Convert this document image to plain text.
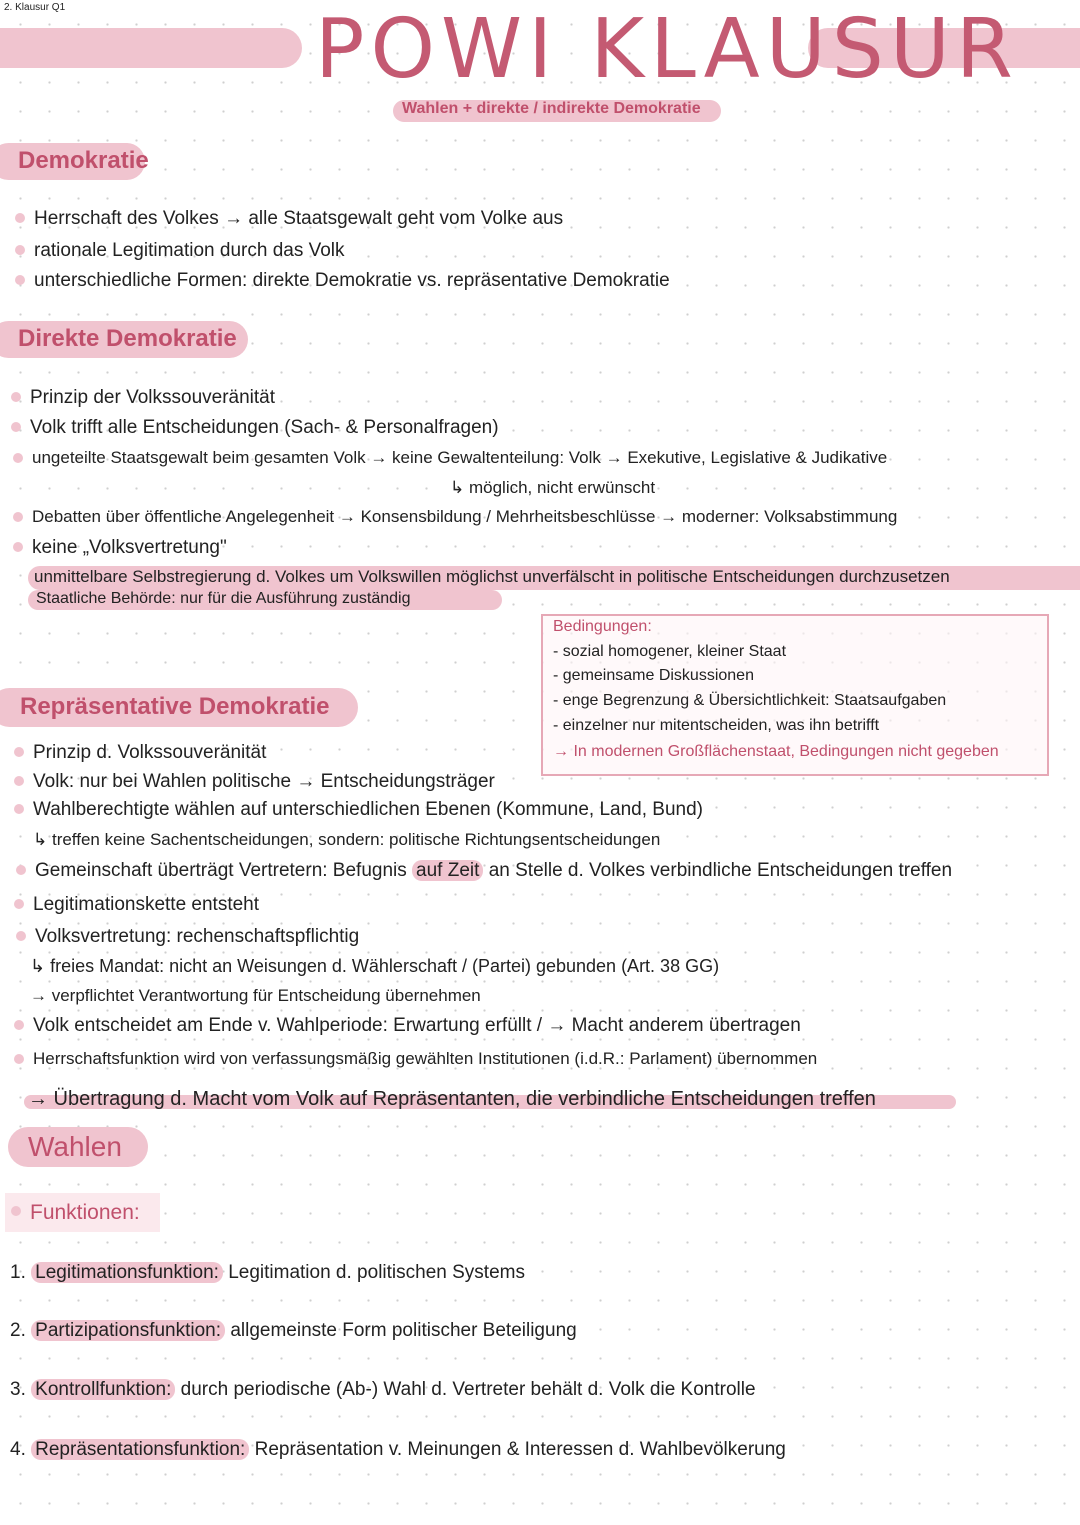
2. Klausur Q1	POWI KLAUSUR
Wahlen + direkte / indirekte Demokratie
Demokratie
Herrschaft des Volkes → alle Staatsgewalt geht vom Volke aus
rationale Legitimation durch das Volk
unterschiedliche Formen: direkte Demokratie vs. repräsentative Demokratie
Direkte Demokratie
Prinzip der Volkssouveränität
Volk trifft alle Entscheidungen (Sach- & Personalfragen)
ungeteilte Staatsgewalt beim gesamten Volk → keine Gewaltenteilung: Volk → Exekutive, Legislative & Judikative
↳ möglich, nicht erwünscht
Debatten über öffentliche Angelegenheit → Konsensbildung / Mehrheitsbeschlüsse → moderner: Volksabstimmung
keine „Volksvertretung"
unmittelbare Selbstregierung d. Volkes um Volkswillen möglichst unverfälscht in politische Entscheidungen durchzusetzen
Staatliche Behörde: nur für die Ausführung zuständig
Bedingungen:
- sozial homogener, kleiner Staat
- gemeinsame Diskussionen
- enge Begrenzung & Übersichtlichkeit: Staatsaufgaben
- einzelner nur mitentscheiden, was ihn betrifft
→ In modernen Großflächenstaat, Bedingungen nicht gegeben
Repräsentative Demokratie
Prinzip d. Volkssouveränität
Volk: nur bei Wahlen politische → Entscheidungsträger
Wahlberechtigte wählen auf unterschiedlichen Ebenen (Kommune, Land, Bund)
↳ treffen keine Sachentscheidungen, sondern: politische Richtungsentscheidungen
Gemeinschaft überträgt Vertretern: Befugnis auf Zeit an Stelle d. Volkes verbindliche Entscheidungen treffen
Legitimationskette entsteht
Volksvertretung: rechenschaftspflichtig
↳ freies Mandat: nicht an Weisungen d. Wählerschaft / (Partei) gebunden (Art. 38 GG)
→ verpflichtet Verantwortung für Entscheidung übernehmen
Volk entscheidet am Ende v. Wahlperiode: Erwartung erfüllt / → Macht anderem übertragen
Herrschaftsfunktion wird von verfassungsmäßig gewählten Institutionen (i.d.R.: Parlament) übernommen
→ Übertragung d. Macht vom Volk auf Repräsentanten, die verbindliche Entscheidungen treffen
Wahlen
Funktionen:
1. Legitimationsfunktion: Legitimation d. politischen Systems
2. Partizipationsfunktion: allgemeinste Form politischer Beteiligung
3. Kontrollfunktion: durch periodische (Ab-) Wahl d. Vertreter behält d. Volk die Kontrolle
4. Repräsentationsfunktion: Repräsentation v. Meinungen & Interessen d. Wahlbevölkerung
